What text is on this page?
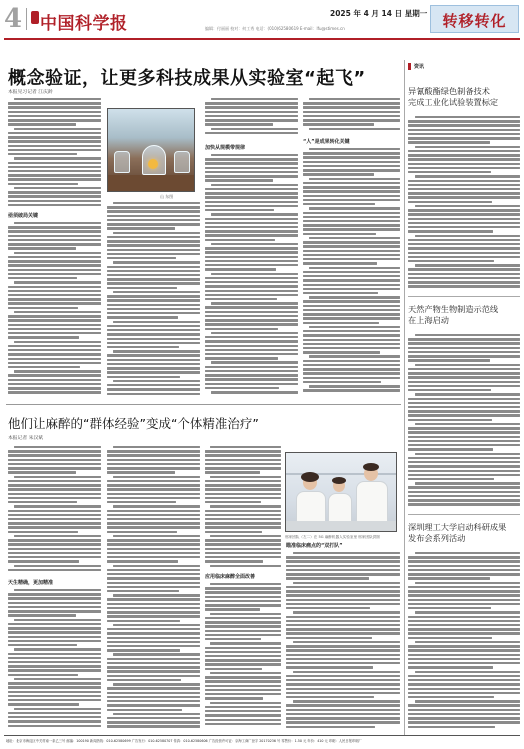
4 中国科学报
2025 年 4 月 14 日 星期一
编辑：付丽丽 校对：何工秀 电话：(010)62580619 E-mail：lfu@stimes.cn	转移转化
概念验证，让更多科技成果从实验室“起飞”
本报见习记者 江庆龄
亟须破局关键
山 东图
加快从规模带规律
“人”是成果转化关键
他们让麻醉的“群体经验”变成“个体精准治疗”
本报记者 朱汉斌
天生精确，更加精准
应用临床麻醉全面改善
邢家团队（左二）在 5G 麻醉机器人实验室里 邢家团队供图
瞄准临床痛点的“双打队”
资讯
异氰酸酯绿色制备技术
完成工业化试验装置标定
天然产物生物制造示范线
在上海启动
深圳理工大学启动科研成果
发布会系列活动
地址：北京市海淀区中关村南一条乙三号 邮编：100190 新闻热线：010-62580699 广告发行：010-62580707 传真：010-62580606 广告经营许可证：京海工商广登字 20170236 号 零售价：1.50 元 年价：410 元 印刷：人民日报印刷厂
